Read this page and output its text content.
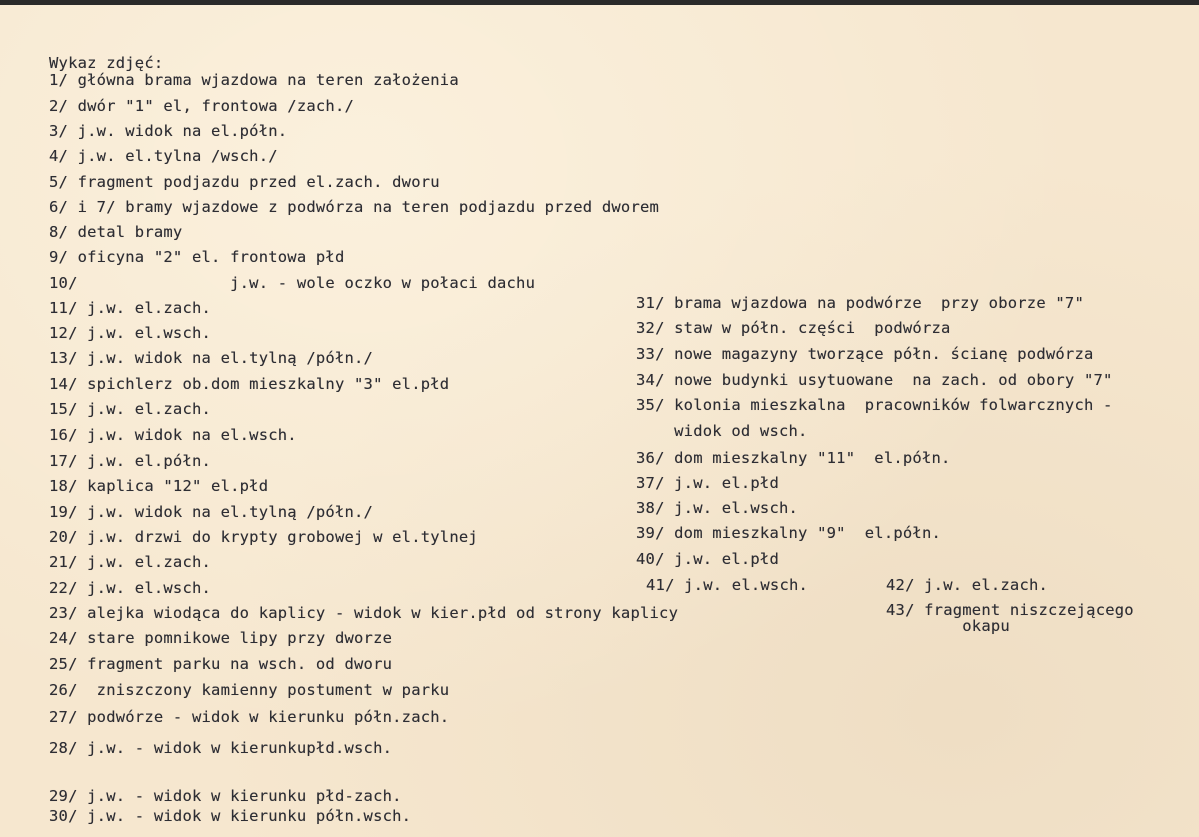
Wykaz zdjęć:
1/ główna brama wjazdowa na teren założenia
2/ dwór "1" el, frontowa /zach./
3/ j.w. widok na el.półn.
4/ j.w. el.tylna /wsch./
5/ fragment podjazdu przed el.zach. dworu
6/ i 7/ bramy wjazdowe z podwórza na teren podjazdu przed dworem
8/ detal bramy
9/ oficyna "2" el. frontowa płd
10/                j.w. - wole oczko w połaci dachu
11/ j.w. el.zach.
12/ j.w. el.wsch.
13/ j.w. widok na el.tylną /półn./
14/ spichlerz ob.dom mieszkalny "3" el.płd
15/ j.w. el.zach.
16/ j.w. widok na el.wsch.
17/ j.w. el.półn.
18/ kaplica "12" el.płd
19/ j.w. widok na el.tylną /półn./
20/ j.w. drzwi do krypty grobowej w el.tylnej
21/ j.w. el.zach.
22/ j.w. el.wsch.
23/ alejka wiodąca do kaplicy - widok w kier.płd od strony kaplicy
24/ stare pomnikowe lipy przy dworze
25/ fragment parku na wsch. od dworu
26/  zniszczony kamienny postument w parku
27/ podwórze - widok w kierunku półn.zach.
28/ j.w. - widok w kierunkupłd.wsch.
29/ j.w. - widok w kierunku płd-zach.
30/ j.w. - widok w kierunku półn.wsch.
31/ brama wjazdowa na podwórze  przy oborze "7"
32/ staw w półn. części  podwórza
33/ nowe magazyny tworzące półn. ścianę podwórza
34/ nowe budynki usytuowane  na zach. od obory "7"
35/ kolonia mieszkalna  pracowników folwarcznych -
widok od wsch.
36/ dom mieszkalny "11"  el.półn.
37/ j.w. el.płd
38/ j.w. el.wsch.
39/ dom mieszkalny "9"  el.półn.
40/ j.w. el.płd
41/ j.w. el.wsch.	42/ j.w. el.zach.
43/ fragment niszczejącego
okapu
